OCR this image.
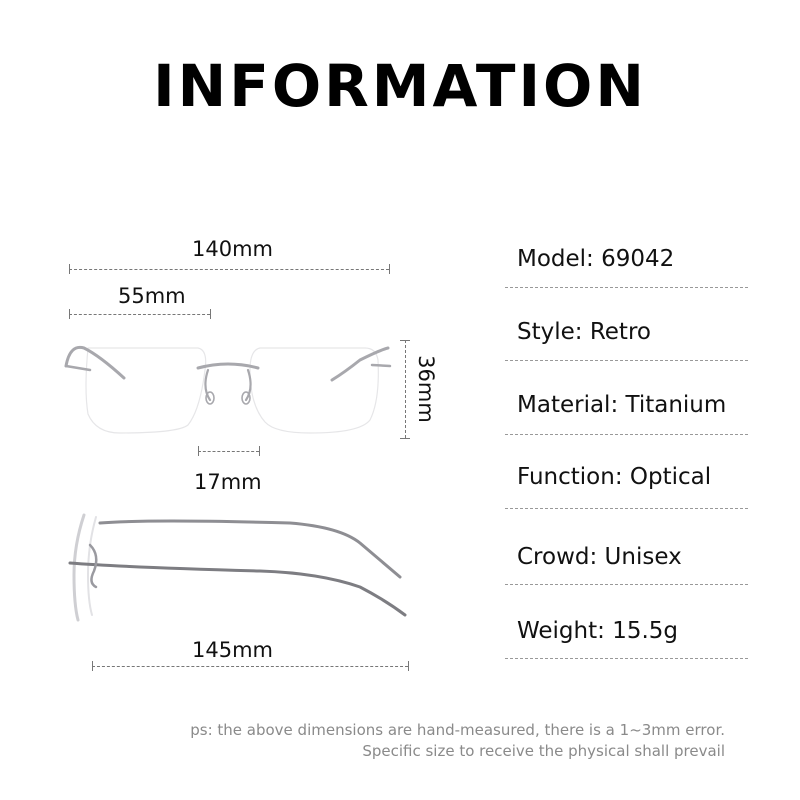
INFORMATION
140mm
55mm
36mm
17mm
145mm
Model: 69042
Style: Retro
Material: Titanium
Function: Optical
Crowd: Unisex
Weight: 15.5g
ps: the above dimensions are hand-measured, there is a 1~3mm error.
Specific size to receive the physical shall prevail
